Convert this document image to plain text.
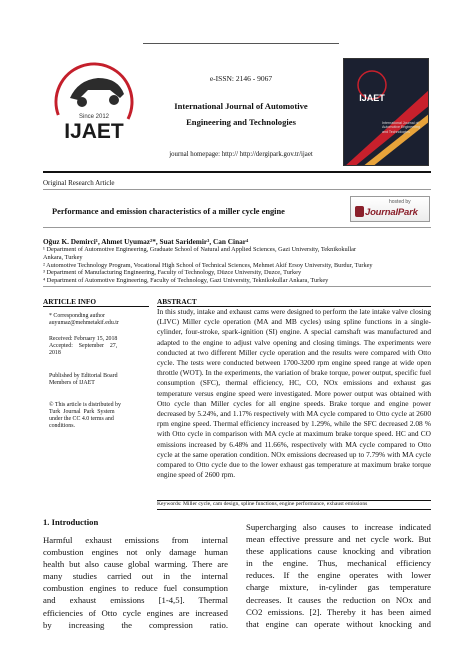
Since 2012
IJAET
e-ISSN: 2146 - 9067
International Journal of Automotive
Engineering and Technologies
journal homepage: http:// http://dergipark.gov.tr/ijaet
IJAET
International Journal of Automotive Engineering and Technologies
Original Research Article
Performance and emission characteristics of a miller cycle engine
hosted by
JournalPark
Oğuz K. Demirci¹, Ahmet Uyumaz²*, Suat Saridemir³, Can Cinar⁴
¹ Department of Automotive Engineering, Graduate School of Natural and Applied Sciences, Gazi University, Teknikokullar
Ankara, Turkey
² Automotive Technology Program, Vocational High School of Technical Sciences, Mehmet Akif Ersoy University, Burdur, Turkey
³ Department of Manufacturing Engineering, Faculty of Technology, Düzce University, Duzce, Turkey
⁴ Department of Automotive Engineering, Faculty of Technology, Gazi University, Teknikokullar Ankara, Turkey
ARTICLE INFO
* Corresponding author
auyumaz@mehmetakif.edu.tr
Received: February 15, 2018
Accepted:    September    27,
2018
Published by Editorial Board
Members of IJAET
© This article is distributed by
Turk  Journal  Park  System
under the CC 4.0 terms and
conditions.
ABSTRACT
In this study, intake and exhaust cams were designed to perform the late intake valve closing (LIVC) Miller cycle operation (MA and MB cycles) using spline functions in a single-cylinder, four-stroke, spark-ignition (SI) engine. A special camshaft was manufactured and adapted to the engine to adjust valve opening and closing timings. The experiments were conducted at two different Miller cycle operation and the results were compared with Otto cycle. The tests were conducted between 1700-3200 rpm engine speed range at wide open throttle (WOT). In the experiments, the variation of brake torque, power output, specific fuel consumption (SFC), thermal efficiency, HC, CO, NOx emissions and exhaust gas temperature versus engine speed were investigated. More power output was obtained with Otto cycle than Miller cycles for all engine speeds. Brake torque and engine power decreased by 5.24%, and 1.17% respectively with MA cycle compared to Otto cycle at 2600 rpm engine speed. Thermal efficiency increased by 1.29%, while the SFC decreased 2.08 % with Otto cycle in comparison with MA cycle at maximum brake torque speed. HC and CO emissions increased by 6.48% and 11.66%, respectively with MA cycle compared to Otto cycle at the same operation condition. NOx emissions decreased up to 7.79% with MA cycle compared to Otto cycle due to the lower exhaust gas temperature at maximum brake torque engine speed of 2600 rpm.
Keywords: Miller cycle, cam design, spline functions, engine performance, exhaust emissions
1. Introduction
Harmful exhaust emissions from internal
combustion engines not only damage human
health but also cause global warming. There are
many studies carried out in the internal
combustion engines to reduce fuel consumption
and exhaust emissions [1-4,5]. Thermal
efficiencies of Otto cycle engines are increased
by increasing the compression ratio.
Supercharging also causes to increase indicated
mean effective pressure and net cycle work. But
these applications cause knocking and vibration
in the engine. Thus, mechanical efficiency
reduces. If the engine operates with lower
charge mixture, in-cylinder gas temperature
decreases. It causes the reduction on NOx and
CO2 emissions. [2]. Thereby it has been aimed
that engine can operate without knocking and
